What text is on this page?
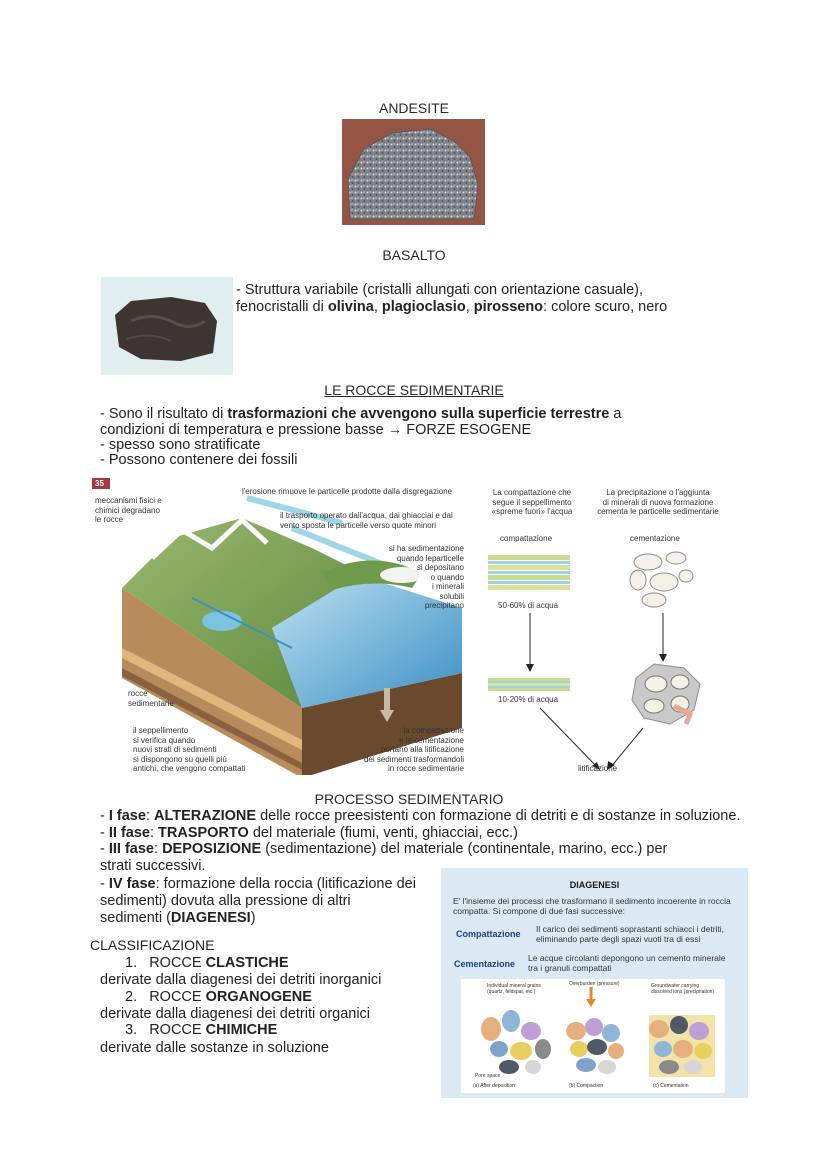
ANDESITE
BASALTO
- Struttura variabile (cristalli allungati con orientazione casuale),
fenocristalli di olivina, plagioclasio, pirosseno: colore scuro, nero
LE ROCCE SEDIMENTARIE
- Sono il risultato di trasformazioni che avvengono sulla superficie terrestre a
condizioni di temperatura e pressione basse → FORZE ESOGENE
- spesso sono stratificate
- Possono contenere dei fossili
35
meccanismi fisici e
chimici degradano
le rocce
l'erosione rimuove le particelle prodotte dalla disgregazione
il trasporto operato dall'acqua, dai ghiacciai e dal
vento sposta le particelle verso quote minori
si ha sedimentazione
quando leparticelle
si depositano
o quando
i minerali
solubili
precipitano
rocce
sedimentarie
il seppellimento
si verifica quando
nuovi strati di sedimenti
si dispongono su quelli più
antichi, che vengono compattati
la compattazione
e la cementazione
portano alla litificazione
dei sedimenti trasformandoli
in rocce sedimentarie
La compattazione che
segue il seppellimento
«spreme fuori» l'acqua
La precipitazione o l'aggiunta
di minerali di nuova formazione
cementa le particelle sedimentarie
compattazione	cementazione
50-60% di acqua
10-20% di acqua
litificazione
PROCESSO SEDIMENTARIO
- I fase: ALTERAZIONE delle rocce preesistenti con formazione di detriti e di sostanze in soluzione.
- II fase: TRASPORTO del materiale (fiumi, venti, ghiacciai, ecc.)
- III fase: DEPOSIZIONE (sedimentazione) del materiale (continentale, marino, ecc.) per
strati successivi.
- IV fase: formazione della roccia (litificazione dei
sedimenti) dovuta alla pressione di altri
sedimenti (DIAGENESI)
CLASSIFICAZIONE
1. ROCCE CLASTICHE
derivate dalla diagenesi dei detriti inorganici
2. ROCCE ORGANOGENE
derivate dalla diagenesi dei detriti organici
3. ROCCE CHIMICHE
derivate dalle sostanze in soluzione
DIAGENESI
E' l'insieme dei processi che trasformano il sedimento incoerente in roccia
compatta. Si compone di due fasi successive:
Compattazione Il carico dei sedimenti soprastanti schiacci i detriti,
eliminando parte degli spazi vuoti tra di essi
Cementazione
Le acque circolanti depongono un cemento minerale
tra i granuli compattati
Individual mineral grains
(quartz, feldspar, etc.)
Overburden (pressure)	Groundwater carrying
dissolved ions (precipitation)
Pore space
(a) After deposition	(b) Compaction	(c) Cementation
